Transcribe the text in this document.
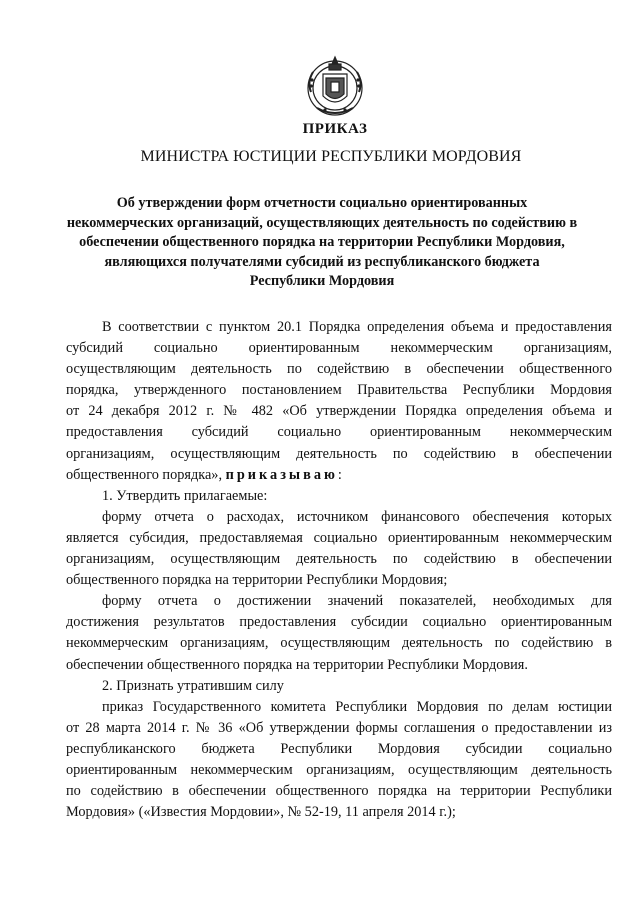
ПРИКАЗ
МИНИСТРА ЮСТИЦИИ РЕСПУБЛИКИ МОРДОВИЯ
Об утверждении форм отчетности социально ориентированных
некоммерческих организаций, осуществляющих деятельность по содействию в
обеспечении общественного порядка на территории Республики Мордовия,
являющихся получателями субсидий из республиканского бюджета
Республики Мордовия
В соответствии с пунктом 20.1 Порядка определения объема и предоставления
субсидий социально ориентированным некоммерческим организациям,
осуществляющим деятельность по содействию в обеспечении общественного
порядка, утвержденного постановлением Правительства Республики Мордовия
от 24 декабря 2012 г. № 482 «Об утверждении Порядка определения объема и
предоставления субсидий социально ориентированным некоммерческим
организациям, осуществляющим деятельность по содействию в обеспечении
общественного порядка», приказываю:
1. Утвердить прилагаемые:
форму отчета о расходах, источником финансового обеспечения которых
является субсидия, предоставляемая социально ориентированным некоммерческим
организациям, осуществляющим деятельность по содействию в обеспечении
общественного порядка на территории Республики Мордовия;
форму отчета о достижении значений показателей, необходимых для
достижения результатов предоставления субсидии социально ориентированным
некоммерческим организациям, осуществляющим деятельность по содействию в
обеспечении общественного порядка на территории Республики Мордовия.
2. Признать утратившим силу
приказ Государственного комитета Республики Мордовия по делам юстиции
от 28 марта 2014 г. № 36 «Об утверждении формы соглашения о предоставлении из
республиканского бюджета Республики Мордовия субсидии социально
ориентированным некоммерческим организациям, осуществляющим деятельность
по содействию в обеспечении общественного порядка на территории Республики
Мордовия» («Известия Мордовии», № 52-19, 11 апреля 2014 г.);
